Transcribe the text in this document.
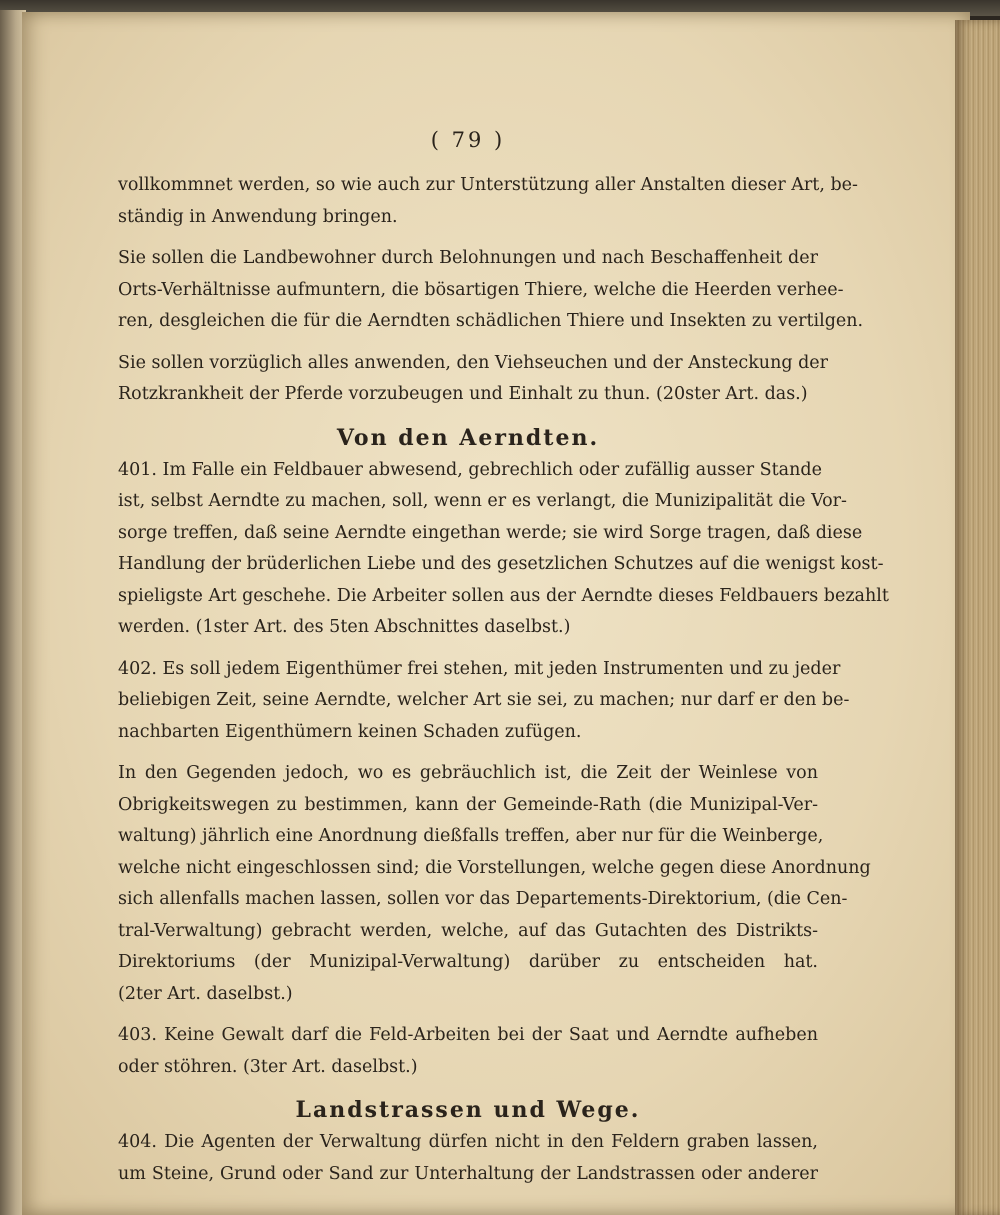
( 79 )
vollkommnet werden, so wie auch zur Unterstützung aller Anstalten dieser Art, be-
ständig in Anwendung bringen.
Sie sollen die Landbewohner durch Belohnungen und nach Beschaffenheit der
Orts-Verhältnisse aufmuntern, die bösartigen Thiere, welche die Heerden verhee-
ren, desgleichen die für die Aerndten schädlichen Thiere und Insekten zu vertilgen.
Sie sollen vorzüglich alles anwenden, den Viehseuchen und der Ansteckung der
Rotzkrankheit der Pferde vorzubeugen und Einhalt zu thun. (20ster Art. das.)
Von den Aerndten.
401. Im Falle ein Feldbauer abwesend, gebrechlich oder zufällig ausser Stande
ist, selbst Aerndte zu machen, soll, wenn er es verlangt, die Munizipalität die Vor-
sorge treffen, daß seine Aerndte eingethan werde; sie wird Sorge tragen, daß diese
Handlung der brüderlichen Liebe und des gesetzlichen Schutzes auf die wenigst kost-
spieligste Art geschehe. Die Arbeiter sollen aus der Aerndte dieses Feldbauers bezahlt
werden. (1ster Art. des 5ten Abschnittes daselbst.)
402. Es soll jedem Eigenthümer frei stehen, mit jeden Instrumenten und zu jeder
beliebigen Zeit, seine Aerndte, welcher Art sie sei, zu machen; nur darf er den be-
nachbarten Eigenthümern keinen Schaden zufügen.
In den Gegenden jedoch, wo es gebräuchlich ist, die Zeit der Weinlese von
Obrigkeitswegen zu bestimmen, kann der Gemeinde-Rath (die Munizipal-Ver-
waltung) jährlich eine Anordnung dießfalls treffen, aber nur für die Weinberge,
welche nicht eingeschlossen sind; die Vorstellungen, welche gegen diese Anordnung
sich allenfalls machen lassen, sollen vor das Departements-Direktorium, (die Cen-
tral-Verwaltung) gebracht werden, welche, auf das Gutachten des Distrikts-
Direktoriums (der Munizipal-Verwaltung) darüber zu entscheiden hat.
(2ter Art. daselbst.)
403. Keine Gewalt darf die Feld-Arbeiten bei der Saat und Aerndte aufheben
oder stöhren. (3ter Art. daselbst.)
Landstrassen und Wege.
404. Die Agenten der Verwaltung dürfen nicht in den Feldern graben lassen,
um Steine, Grund oder Sand zur Unterhaltung der Landstrassen oder anderer
